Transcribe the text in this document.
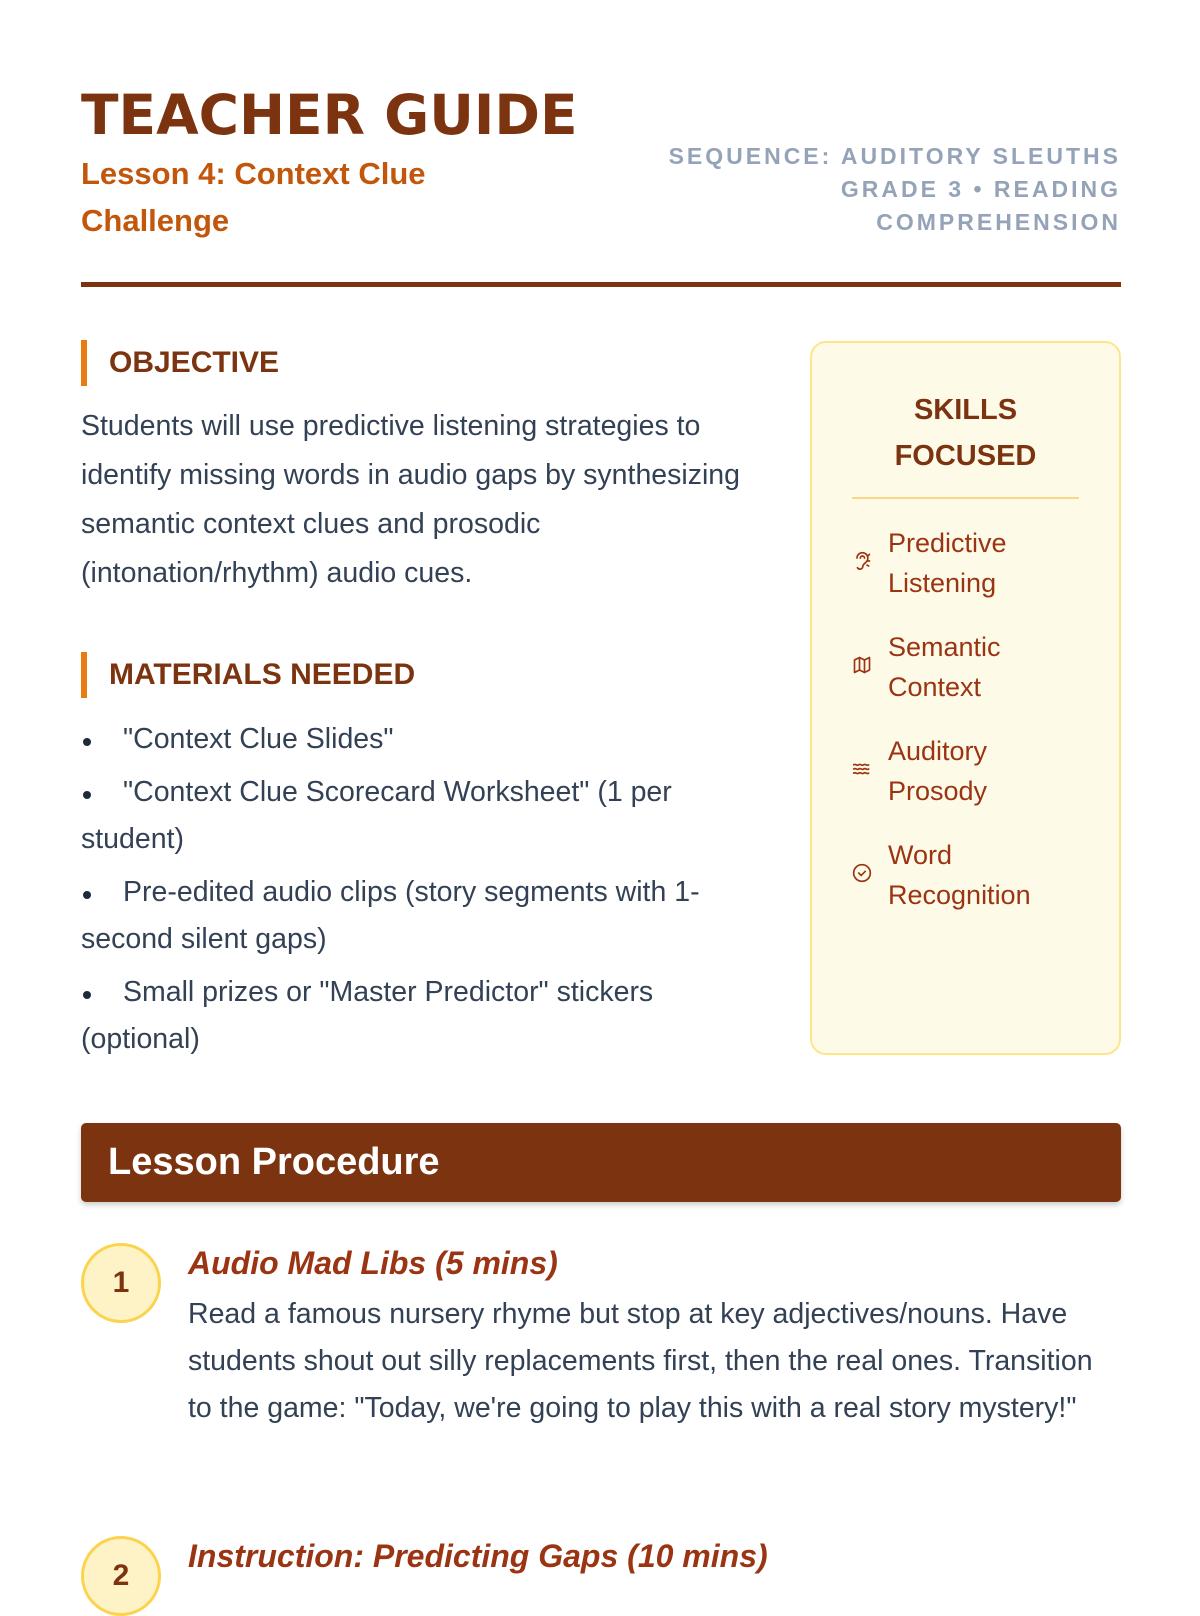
TEACHER GUIDE
Lesson 4: Context Clue Challenge
SEQUENCE: AUDITORY SLEUTHS
GRADE 3 • READING
COMPREHENSION
OBJECTIVE

Students will use predictive listening strategies to identify missing words in audio gaps by synthesizing semantic context clues and prosodic (intonation/rhythm) audio cues.

MATERIALS NEEDED
"Context Clue Slides"
"Context Clue Scorecard Worksheet" (1 per student)
Pre-edited audio clips (story segments with 1-second silent gaps)
Small prizes or "Master Predictor" stickers (optional)
SKILLS FOCUSED
Predictive Listening
Semantic Context
Auditory Prosody
Word Recognition
Lesson Procedure
1
Audio Mad Libs (5 mins)
Read a famous nursery rhyme but stop at key adjectives/nouns. Have students shout out silly replacements first, then the real ones. Transition to the game: "Today, we're going to play this with a real story mystery!"
2
Instruction: Predicting Gaps (10 mins)
